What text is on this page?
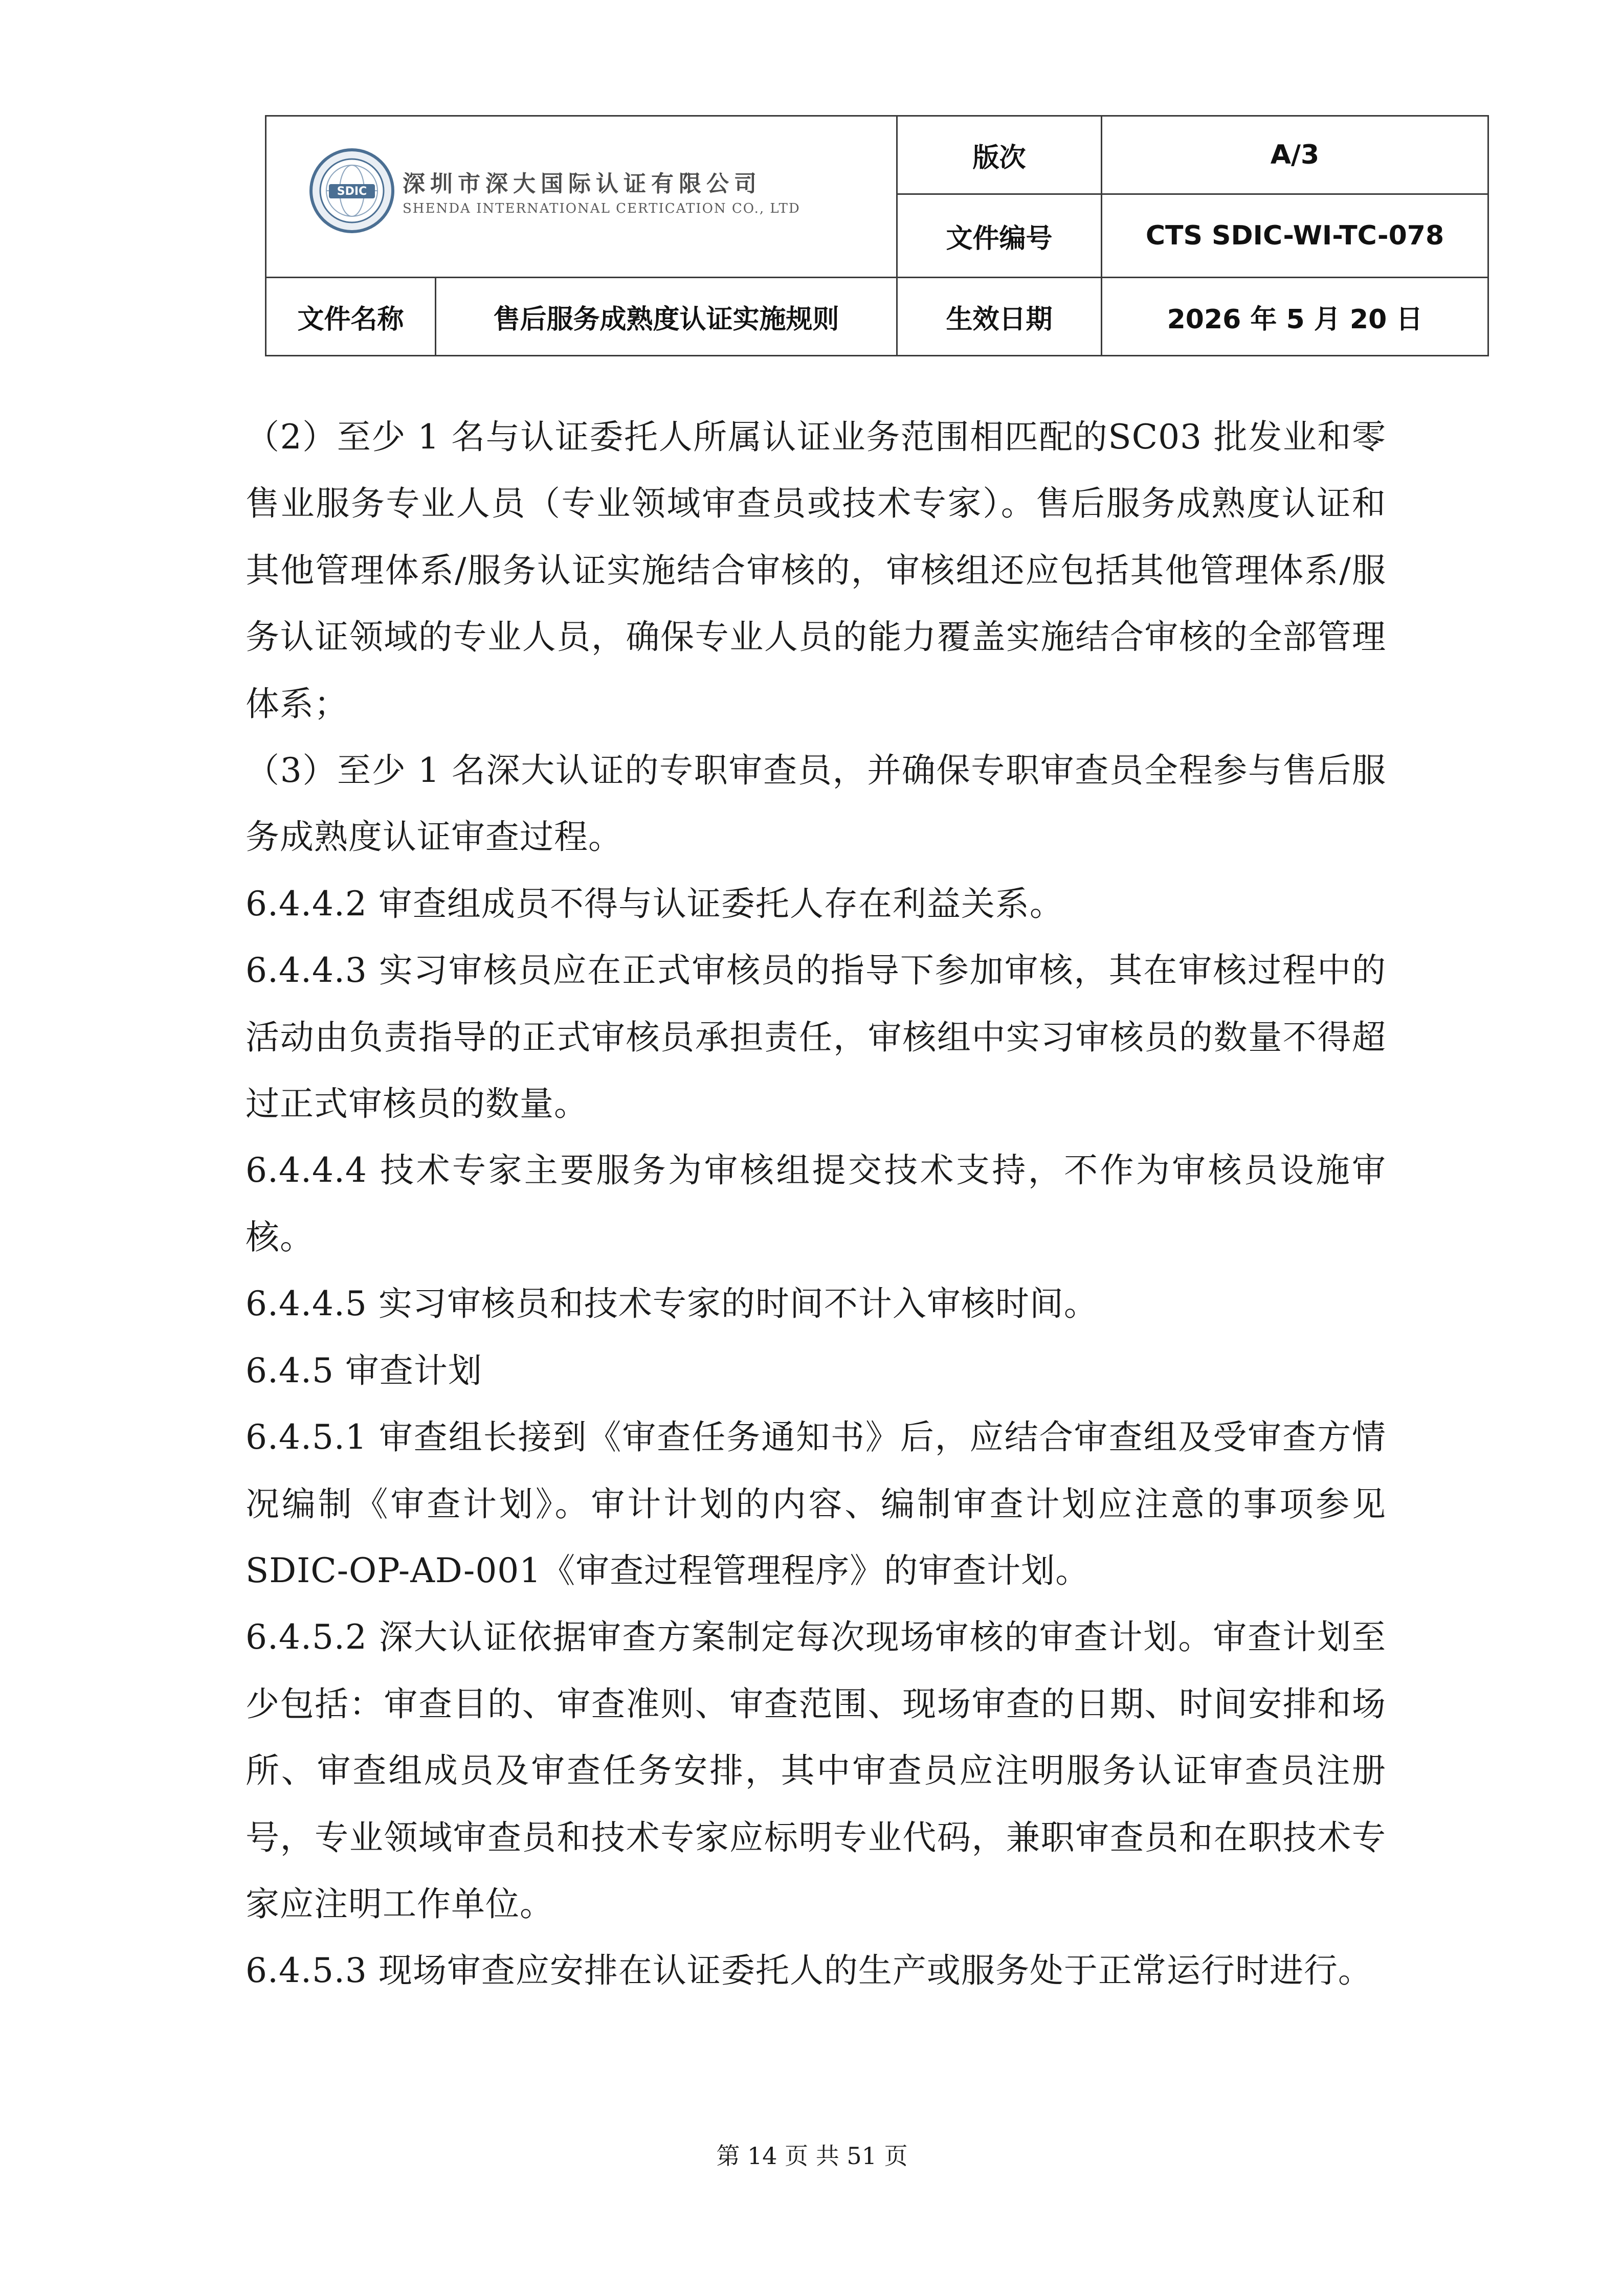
SDIC 深圳市深大国际认证有限公司
SHENDA INTERNATIONAL CERTICATION CO., LTD		版次	A/3
		文件编号	CTS SDIC-WI-TC-078
文件名称	售后服务成熟度认证实施规则	生效日期	2026 年 5 月 20 日

（2）至少 1 名与认证委托人所属认证业务范围相匹配的SC03 批发业和零售业服务专业人员（专业领域审查员或技术专家）。售后服务成熟度认证和其他管理体系/服务认证实施结合审核的，审核组还应包括其他管理体系/服务认证领域的专业人员，确保专业人员的能力覆盖实施结合审核的全部管理体系；

（3）至少 1 名深大认证的专职审查员，并确保专职审查员全程参与售后服务成熟度认证审查过程。

6.4.4.2 审查组成员不得与认证委托人存在利益关系。

6.4.4.3 实习审核员应在正式审核员的指导下参加审核，其在审核过程中的活动由负责指导的正式审核员承担责任，审核组中实习审核员的数量不得超过正式审核员的数量。

6.4.4.4 技术专家主要服务为审核组提交技术支持，不作为审核员设施审核。

6.4.4.5 实习审核员和技术专家的时间不计入审核时间。

6.4.5 审查计划

6.4.5.1 审查组长接到《审查任务通知书》后，应结合审查组及受审查方情况编制《审查计划》。审计计划的内容、编制审查计划应注意的事项参见 SDIC-OP-AD-001《审查过程管理程序》的审查计划。

6.4.5.2 深大认证依据审查方案制定每次现场审核的审查计划。审查计划至少包括：审查目的、审查准则、审查范围、现场审查的日期、时间安排和场所、审查组成员及审查任务安排，其中审查员应注明服务认证审查员注册号，专业领域审查员和技术专家应标明专业代码，兼职审查员和在职技术专家应注明工作单位。

6.4.5.3 现场审查应安排在认证委托人的生产或服务处于正常运行时进行。

第 14 页 共 51 页
